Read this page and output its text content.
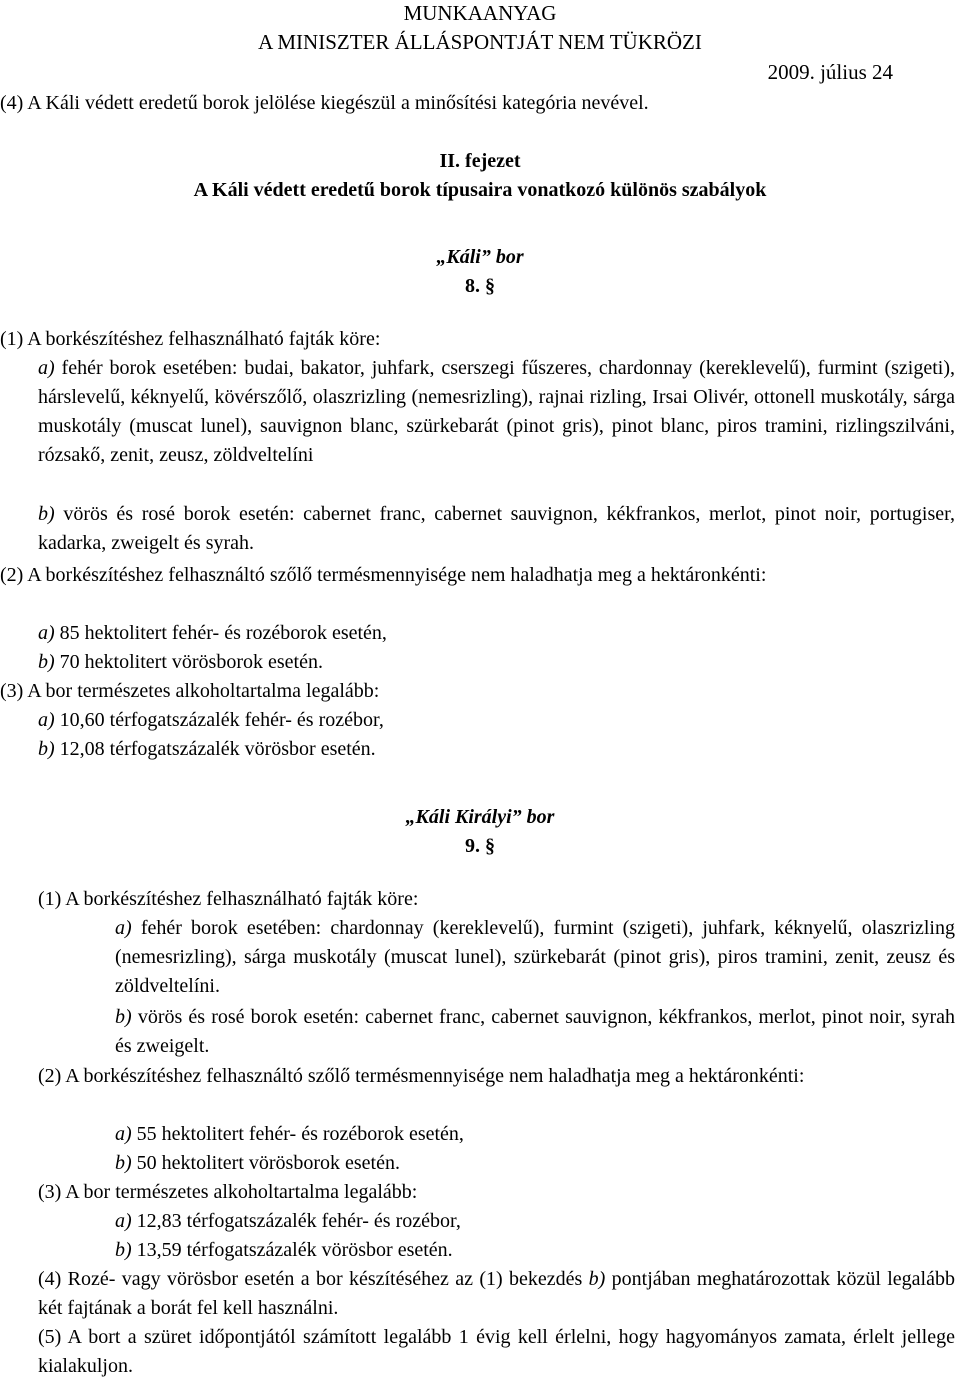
MUNKAANYAG
A MINISZTER ÁLLÁSPONTJÁT NEM TÜKRÖZI
2009. július 24

(4) A Káli védett eredetű borok jelölése kiegészül a minősítési kategória nevével.

II. fejezet

A Káli védett eredetű borok típusaira vonatkozó különös szabályok

„Káli” bor

8. §

(1) A borkészítéshez felhasználható fajták köre:

a) fehér borok esetében: budai, bakator, juhfark, cserszegi fűszeres, chardonnay (kereklevelű), furmint (szigeti), hárslevelű, kéknyelű, kövérszőlő, olaszrizling (nemesrizling), rajnai rizling, Irsai Olivér, ottonell muskotály, sárga muskotály (muscat lunel), sauvignon blanc, szürkebarát (pinot gris), pinot blanc, piros tramini, rizlingszilváni, rózsakő, zenit, zeusz, zöldveltelíni

b) vörös és rosé borok esetén: cabernet franc, cabernet sauvignon, kékfrankos, merlot, pinot noir, portugiser, kadarka, zweigelt és syrah.

(2) A borkészítéshez felhasználtó szőlő termésmennyisége nem haladhatja meg a hektáronkénti:

a) 85 hektolitert fehér- és rozéborok esetén,

b) 70 hektolitert vörösborok esetén.

(3) A bor természetes alkoholtartalma legalább:

a) 10,60 térfogatszázalék fehér- és rozébor,

b) 12,08 térfogatszázalék vörösbor esetén.

„Káli Királyi” bor

9. §

(1) A borkészítéshez felhasználható fajták köre:

a) fehér borok esetében: chardonnay (kereklevelű), furmint (szigeti), juhfark, kéknyelű, olaszrizling (nemesrizling), sárga muskotály (muscat lunel), szürkebarát (pinot gris), piros tramini, zenit, zeusz és zöldveltelíni.

b) vörös és rosé borok esetén: cabernet franc, cabernet sauvignon, kékfrankos, merlot, pinot noir, syrah és zweigelt.

(2) A borkészítéshez felhasználtó szőlő termésmennyisége nem haladhatja meg a hektáronkénti:

a) 55 hektolitert fehér- és rozéborok esetén,

b) 50 hektolitert vörösborok esetén.

(3) A bor természetes alkoholtartalma legalább:

a) 12,83 térfogatszázalék fehér- és rozébor,

b) 13,59 térfogatszázalék vörösbor esetén.

(4) Rozé- vagy vörösbor esetén a bor készítéséhez az (1) bekezdés b) pontjában meghatározottak közül legalább két fajtának a borát fel kell használni.

(5) A bort a szüret időpontjától számított legalább 1 évig kell érlelni, hogy hagyományos zamata, érlelt jellege kialakuljon.
